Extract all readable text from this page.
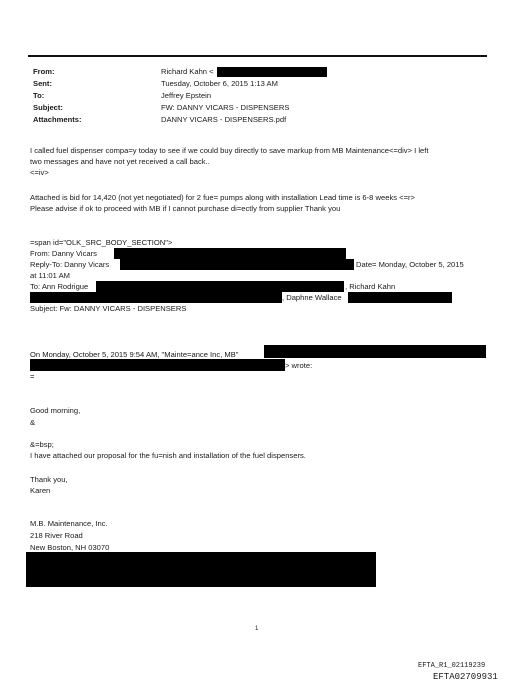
From:	Richard Kahn <
Sent:	Tuesday, October 6, 2015 1:13 AM
To:	Jeffrey Epstein
Subject:	FW: DANNY VICARS - DISPENSERS
Attachments:	DANNY VICARS - DISPENSERS.pdf
I called fuel dispenser compa=y today to see if we could buy directly to save markup from MB Maintenance<=div> I left
two messages and have not yet received a call back..
<=iv>
Attached is bid for 14,420 (not yet negotiated) for 2 fue= pumps along with installation Lead time is 6-8 weeks <=r>
Please advise if ok to proceed with MB if I cannot purchase di=ectly from supplier Thank you
=span id="OLK_SRC_BODY_SECTION">
From: Danny Vicars
Reply-To: Danny Vicars	Date= Monday, October 5, 2015
at 11:01 AM
To: Ann Rodrigue	, Richard Kahn
, Daphne Wallace
Subject: Fw: DANNY VICARS - DISPENSERS
On Monday, October 5, 2015 9:54 AM, "Mainte=ance Inc, MB"
> wrote:
=
Good morning,
&
&=bsp;
I have attached our proposal for the fu=nish and installation of the fuel dispensers.
Thank you,
Karen
M.B. Maintenance, Inc.
218 River Road
New Boston, NH 03070
1
EFTA_R1_02119239
EFTA02709931
